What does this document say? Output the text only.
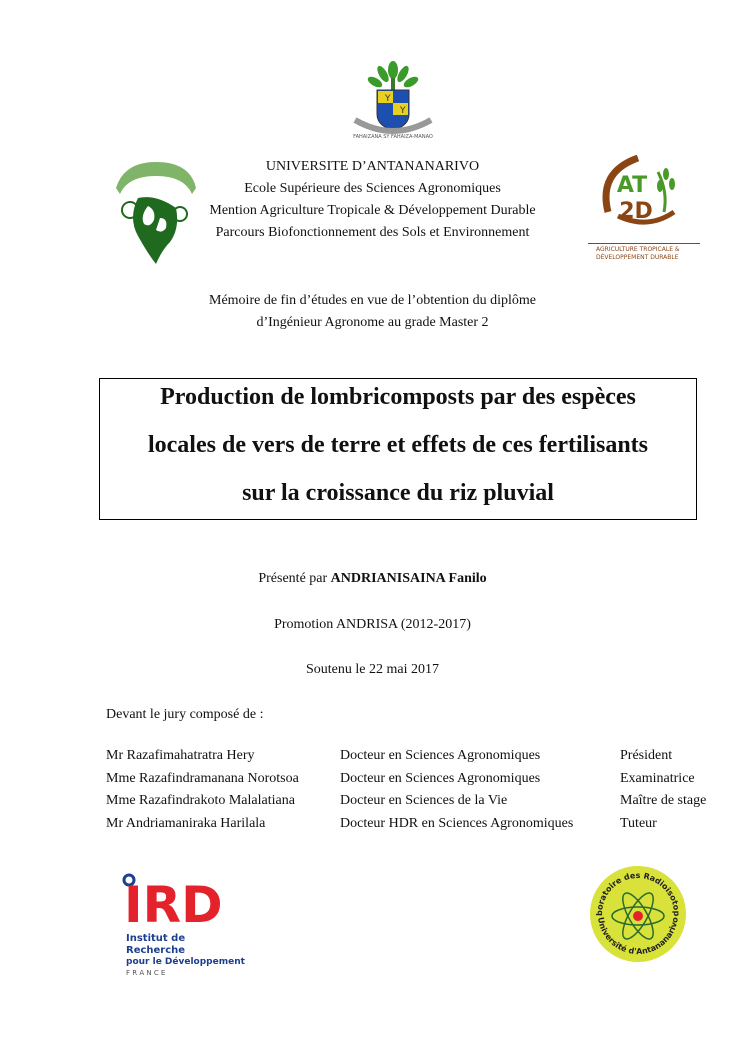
Y
Y
FAHAIZANA SY FAHAIZA-MANAO
AT
2D
AGRICULTURE TROPICALE &
DÉVELOPPEMENT DURABLE
UNIVERSITE D’ANTANANARIVO
Ecole Supérieure des Sciences Agronomiques
Mention Agriculture Tropicale & Développement Durable
Parcours Biofonctionnement des Sols et Environnement
Mémoire de fin d’études en vue de l’obtention du diplôme
d’Ingénieur Agronome au grade Master 2
Production de lombricomposts par des espèces
locales de vers de terre et effets de ces fertilisants
sur la croissance du riz pluvial
Présenté par ANDRIANISAINA Fanilo
Promotion ANDRISA (2012-2017)
Soutenu le 22 mai 2017
Devant le jury composé de :
Mr Razafimahatratra Hery	Docteur en Sciences Agronomiques	Président
Mme Razafindramanana Norotsoa	Docteur en Sciences Agronomiques	Examinatrice
Mme Razafindrakoto Malalatiana	Docteur en Sciences de la Vie	Maître de stage
Mr Andriamaniraka Harilala	Docteur HDR en Sciences Agronomiques	Tuteur
IRD
Institut de Recherche
pour le Développement
F R A N C E
boratoire des Radioisotop
Université d'Antananarivo
